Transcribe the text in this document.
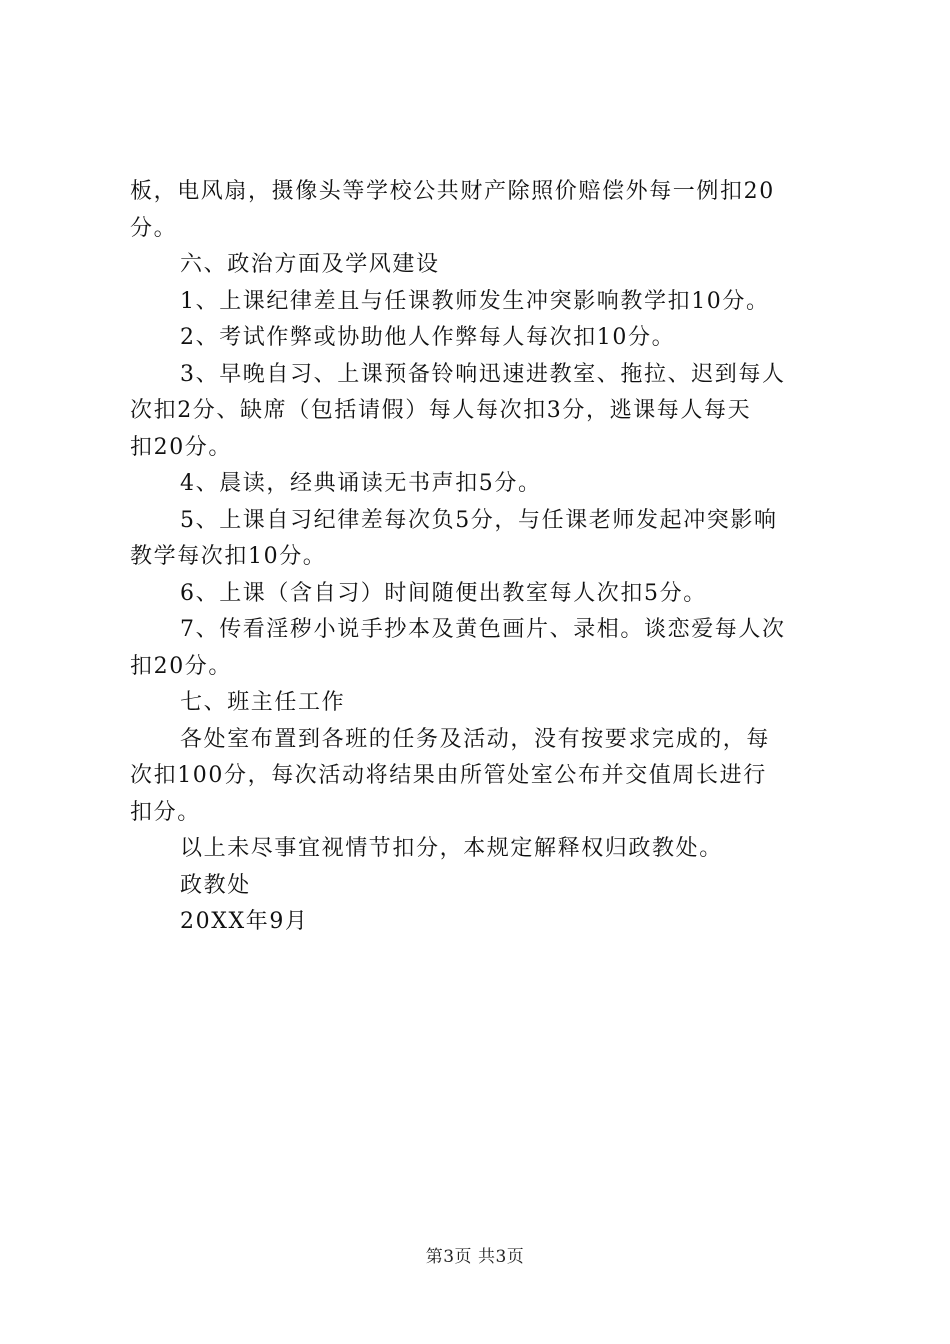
板，电风扇，摄像头等学校公共财产除照价赔偿外每一例扣20
分。
六、政治方面及学风建设
1、上课纪律差且与任课教师发生冲突影响教学扣10分。
2、考试作弊或协助他人作弊每人每次扣10分。
3、早晚自习、上课预备铃响迅速进教室、拖拉、迟到每人
次扣2分、缺席（包括请假）每人每次扣3分，逃课每人每天
扣20分。
4、晨读，经典诵读无书声扣5分。
5、上课自习纪律差每次负5分，与任课老师发起冲突影响
教学每次扣10分。
6、上课（含自习）时间随便出教室每人次扣5分。
7、传看淫秽小说手抄本及黄色画片、录相。谈恋爱每人次
扣20分。
七、班主任工作
各处室布置到各班的任务及活动，没有按要求完成的，每
次扣100分，每次活动将结果由所管处室公布并交值周长进行
扣分。
以上未尽事宜视情节扣分，本规定解释权归政教处。
政教处
20XX年9月
第3页 共3页
